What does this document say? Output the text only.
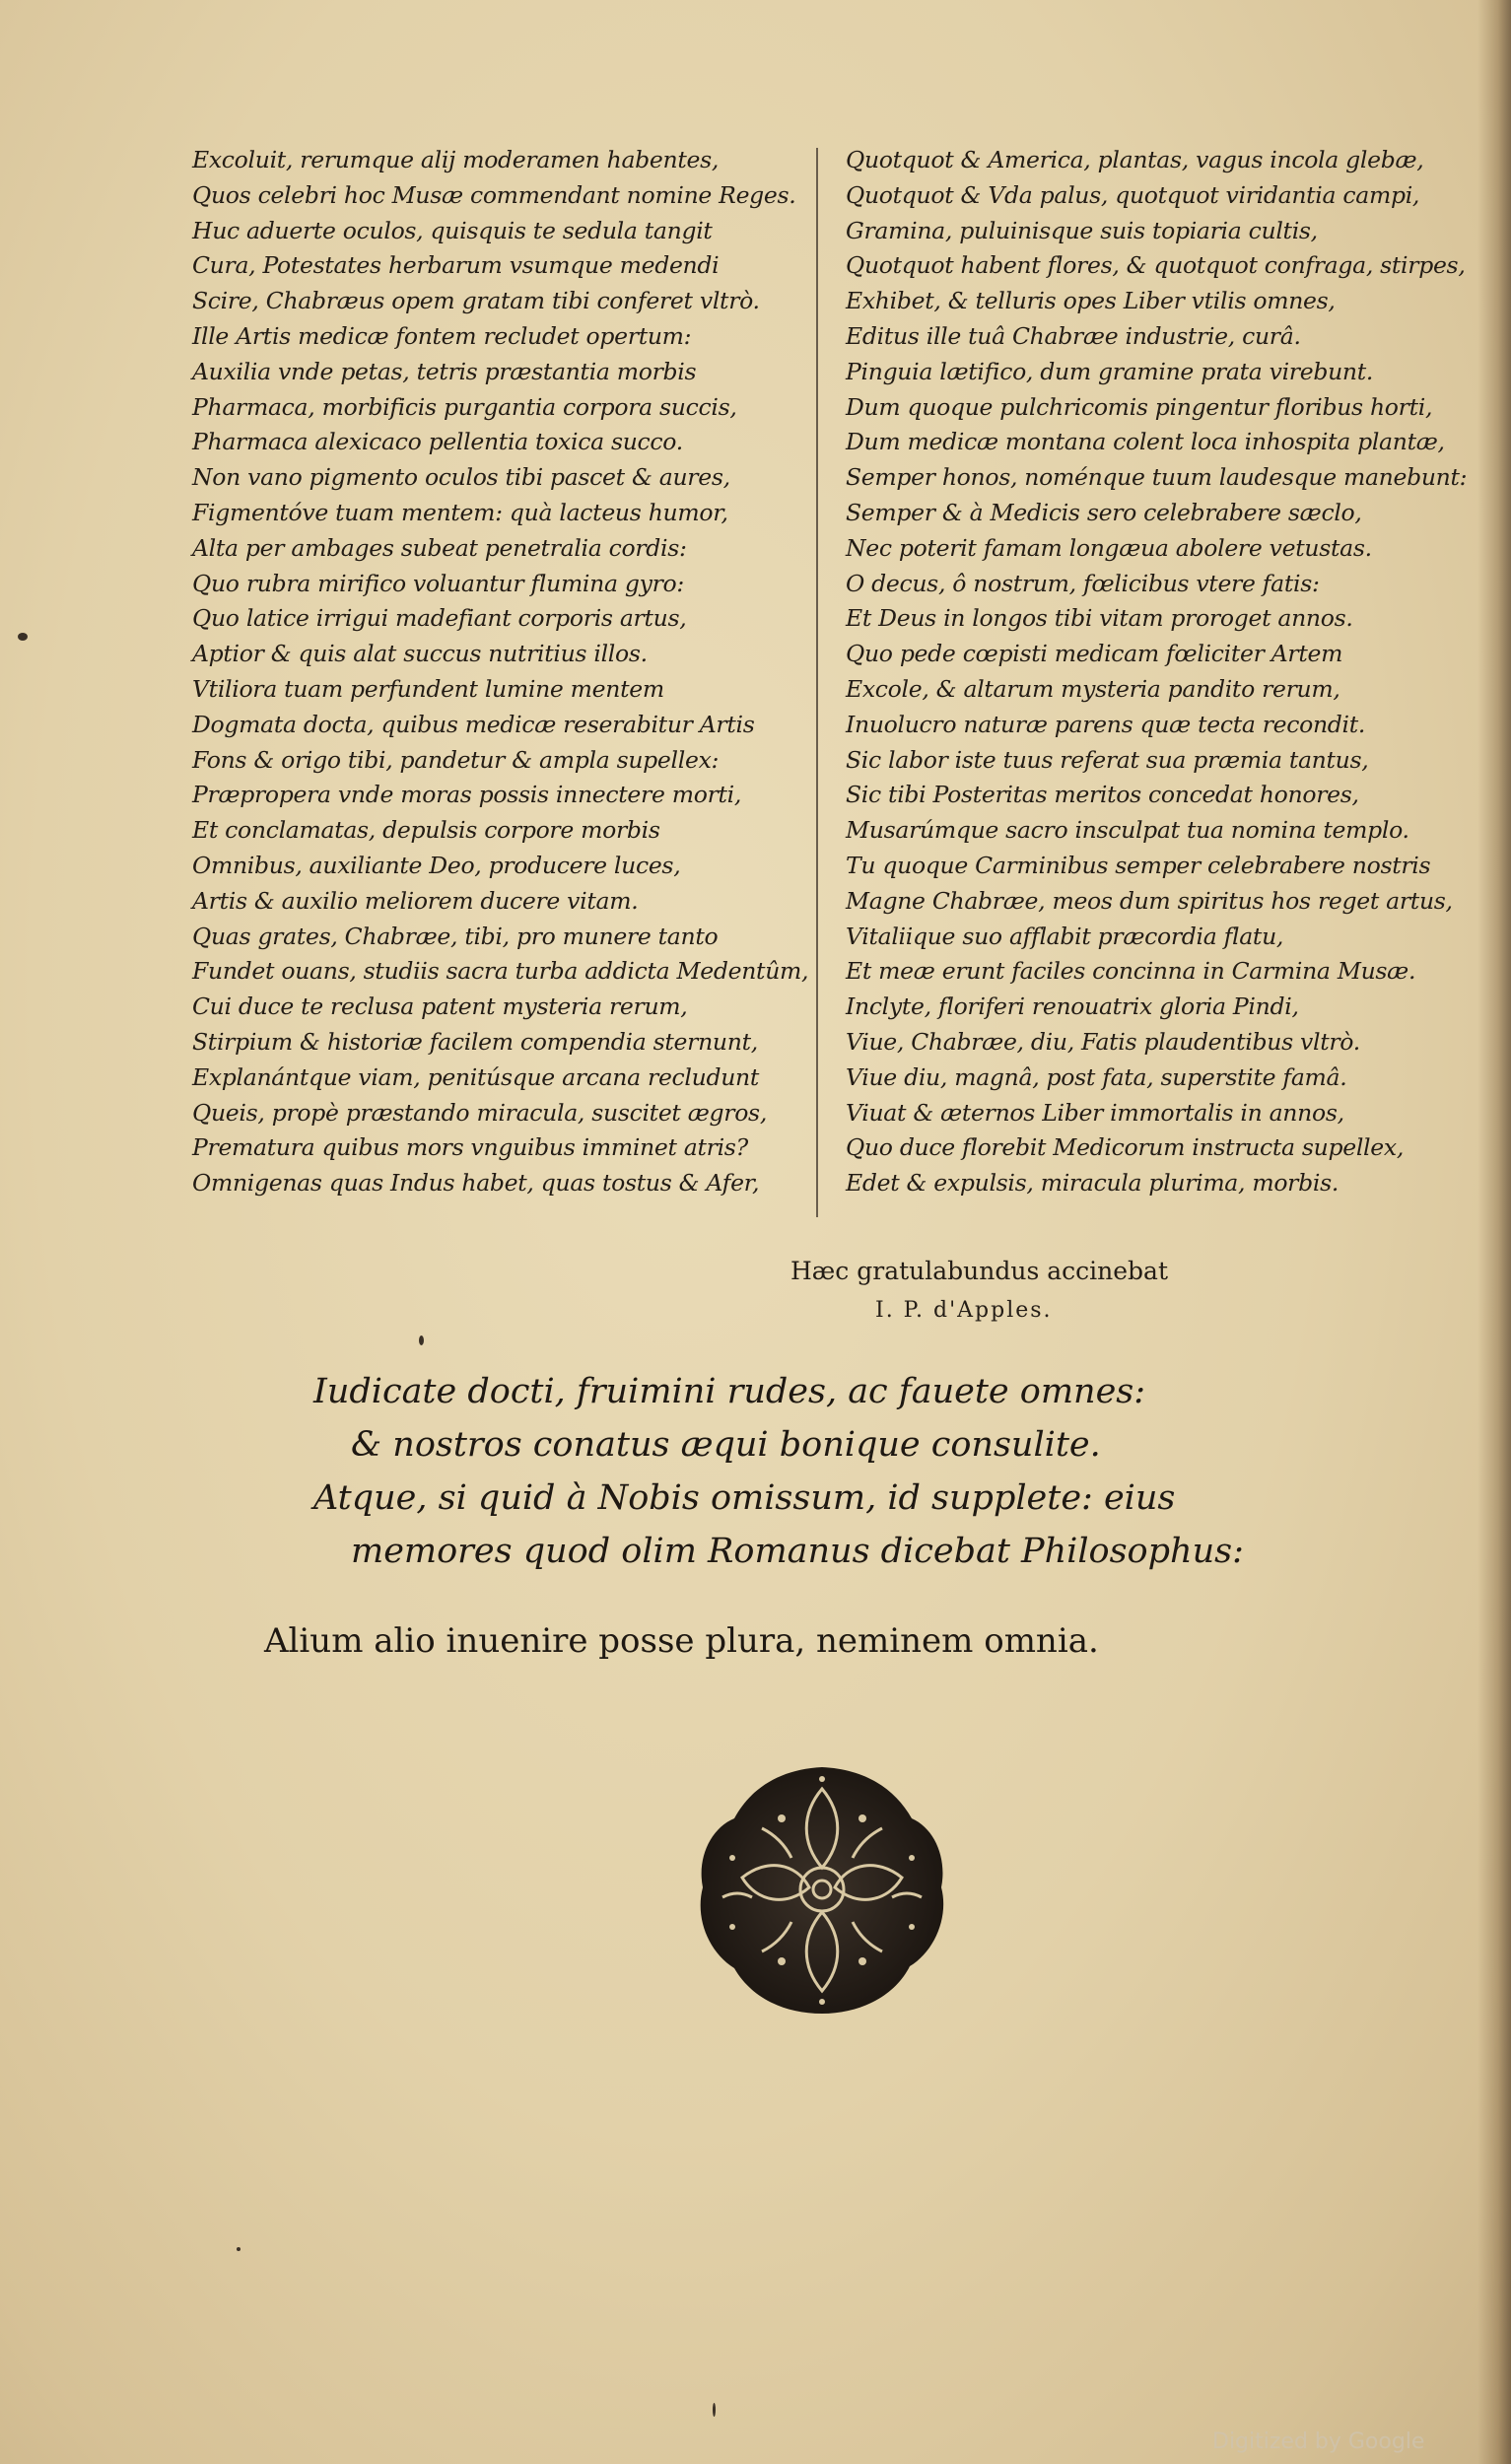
Excoluit, rerumque alij moderamen habentes,
Quos celebri hoc Musæ commendant nomine Reges.
Huc aduerte oculos, quisquis te sedula tangit
Cura, Potestates herbarum vsumque medendi
Scire, Chabræus opem gratam tibi conferet vltrò.
Ille Artis medicæ fontem recludet opertum:
Auxilia vnde petas, tetris præstantia morbis
Pharmaca, morbificis purgantia corpora succis,
Pharmaca alexicaco pellentia toxica succo.
Non vano pigmento oculos tibi pascet & aures,
Figmentóve tuam mentem: quà lacteus humor,
Alta per ambages subeat penetralia cordis:
Quo rubra mirifico voluantur flumina gyro:
Quo latice irrigui madefiant corporis artus,
Aptior & quis alat succus nutritius illos.
Vtiliora tuam perfundent lumine mentem
Dogmata docta, quibus medicæ reserabitur Artis
Fons & origo tibi, pandetur & ampla supellex:
Præpropera vnde moras possis innectere morti,
Et conclamatas, depulsis corpore morbis
Omnibus, auxiliante Deo, producere luces,
Artis & auxilio meliorem ducere vitam.
Quas grates, Chabræe, tibi, pro munere tanto
Fundet ouans, studiis sacra turba addicta Medentûm,
Cui duce te reclusa patent mysteria rerum,
Stirpium & historiæ facilem compendia sternunt,
Explanántque viam, penitúsque arcana recludunt
Queis, propè præstando miracula, suscitet ægros,
Prematura quibus mors vnguibus imminet atris?
Omnigenas quas Indus habet, quas tostus & Afer,
Quotquot & America, plantas, vagus incola glebæ,
Quotquot & Vda palus, quotquot viridantia campi,
Gramina, puluinisque suis topiaria cultis,
Quotquot habent flores, & quotquot confraga, stirpes,
Exhibet, & telluris opes Liber vtilis omnes,
Editus ille tuâ Chabræe industrie, curâ.
Pinguia lætifico, dum gramine prata virebunt.
Dum quoque pulchricomis pingentur floribus horti,
Dum medicæ montana colent loca inhospita plantæ,
Semper honos, noménque tuum laudesque manebunt:
Semper & à Medicis sero celebrabere sæclo,
Nec poterit famam longæua abolere vetustas.
O decus, ô nostrum, fœlicibus vtere fatis:
Et Deus in longos tibi vitam proroget annos.
Quo pede cœpisti medicam fœliciter Artem
Excole, & altarum mysteria pandito rerum,
Inuolucro naturæ parens quæ tecta recondit.
Sic labor iste tuus referat sua præmia tantus,
Sic tibi Posteritas meritos concedat honores,
Musarúmque sacro insculpat tua nomina templo.
Tu quoque Carminibus semper celebrabere nostris
Magne Chabræe, meos dum spiritus hos reget artus,
Vitaliique suo afflabit præcordia flatu,
Et meæ erunt faciles concinna in Carmina Musæ.
Inclyte, floriferi renouatrix gloria Pindi,
Viue, Chabræe, diu, Fatis plaudentibus vltrò.
Viue diu, magnâ, post fata, superstite famâ.
Viuat & æternos Liber immortalis in annos,
Quo duce florebit Medicorum instructa supellex,
Edet & expulsis, miracula plurima, morbis.
Hæc gratulabundus accinebat
I. P. d'Apples.
Iudicate docti, fruimini rudes, ac fauete omnes:
& nostros conatus æqui bonique consulite.
Atque, si quid à Nobis omissum, id supplete: eius
memores quod olim Romanus dicebat Philosophus:
Alium alio inuenire posse plura, neminem omnia.
Digitized by Google
